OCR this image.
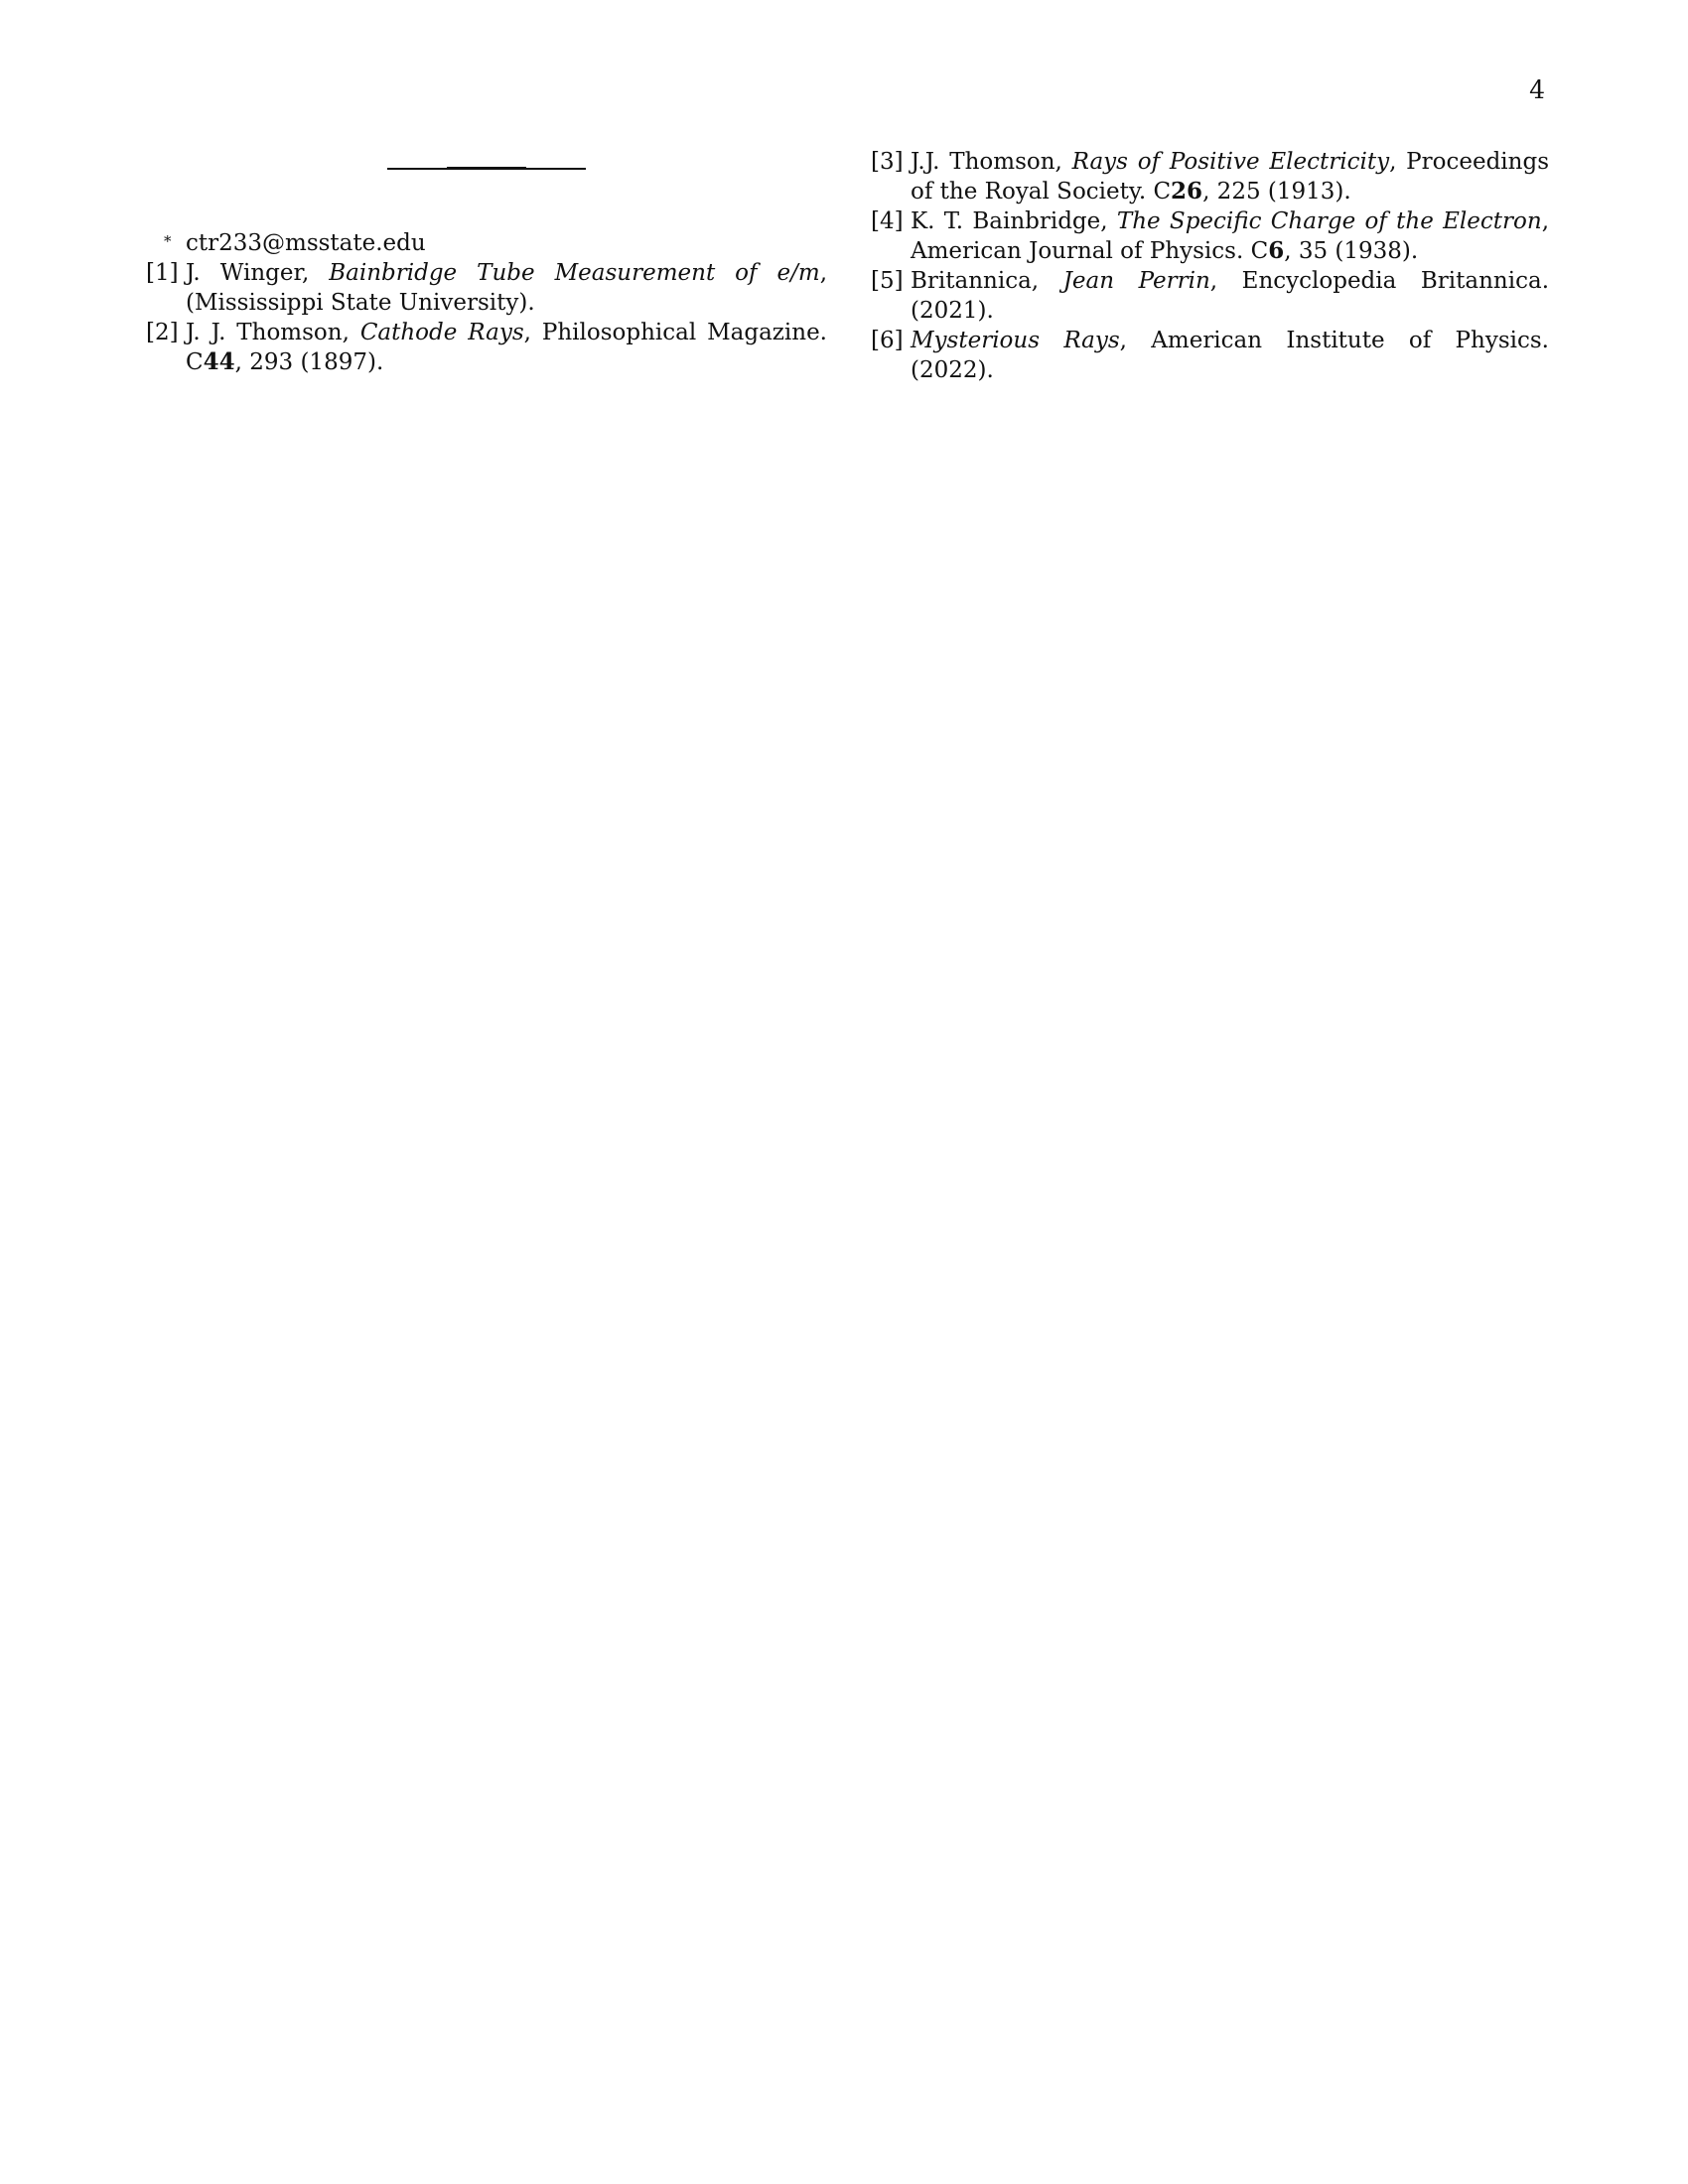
4
* ctr233@msstate.edu
[1] J. Winger, Bainbridge Tube Measurement of e/m, (Mississippi State University).
[2] J. J. Thomson, Cathode Rays, Philosophical Magazine. C44, 293 (1897).
[3] J.J. Thomson, Rays of Positive Electricity, Proceedings of the Royal Society. C26, 225 (1913).
[4] K. T. Bainbridge, The Specific Charge of the Electron, American Journal of Physics. C6, 35 (1938).
[5] Britannica, Jean Perrin, Encyclopedia Britannica. (2021).
[6] Mysterious Rays, American Institute of Physics. (2022).
